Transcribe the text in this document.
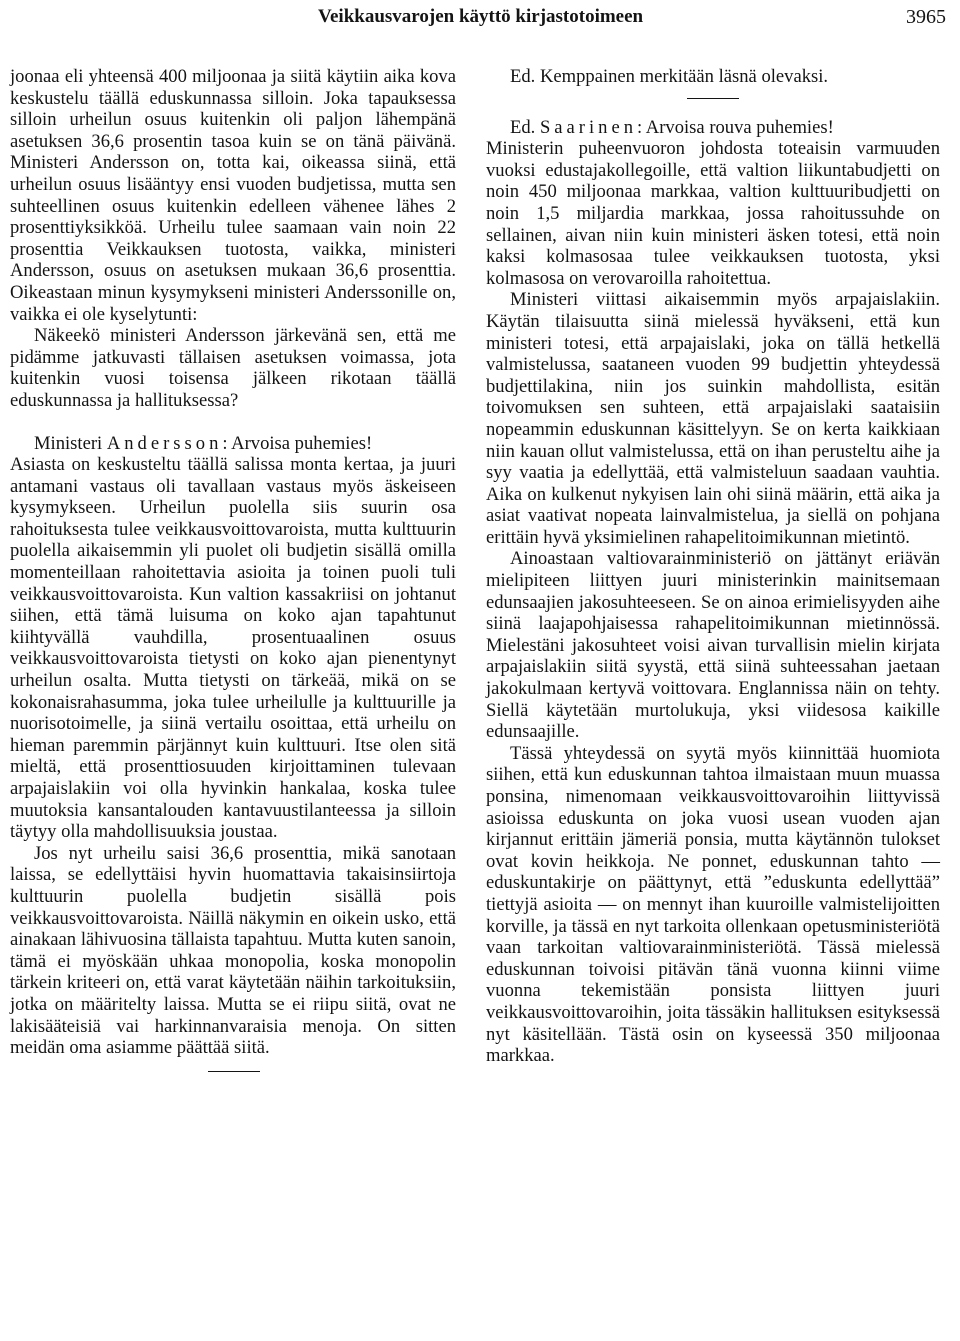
Veikkausvarojen käyttö kirjastotoimeen	3965

joonaa eli yhteensä 400 miljoonaa ja siitä käytiin aika kova keskustelu täällä eduskunnassa silloin. Joka tapauksessa silloin urheilun osuus kuitenkin oli paljon lähempänä asetuksen 36,6 prosentin tasoa kuin se on tänä päivänä. Ministeri Andersson on, totta kai, oikeassa siinä, että urheilun osuus lisääntyy ensi vuoden budjetissa, mutta sen suhteellinen osuus kuitenkin edelleen vähenee lähes 2 prosenttiyksikköä. Urheilu tulee saamaan vain noin 22 prosenttia Veikkauksen tuotosta, vaikka, ministeri Andersson, osuus on asetuksen mukaan 36,6 prosenttia. Oikeastaan minun kysymykseni ministeri Anderssonille on, vaikka ei ole kyselytunti:

Näkeekö ministeri Andersson järkevänä sen, että me pidämme jatkuvasti tällaisen asetuksen voimassa, jota kuitenkin vuosi toisensa jälkeen rikotaan täällä eduskunnassa ja hallituksessa?

Ministeri Andersson: Arvoisa puhemies!

Asiasta on keskusteltu täällä salissa monta kertaa, ja juuri antamani vastaus oli tavallaan vastaus myös äskeiseen kysymykseen. Urheilun puolella siis suurin osa rahoituksesta tulee veikkausvoittovaroista, mutta kulttuurin puolella aikaisemmin yli puolet oli budjetin sisällä omilla momenteillaan rahoitettavia asioita ja toinen puoli tuli veikkausvoittovaroista. Kun valtion kassakriisi on johtanut siihen, että tämä luisuma on koko ajan tapahtunut kiihtyvällä vauhdilla, prosentuaalinen osuus veikkausvoittovaroista tietysti on koko ajan pienentynyt urheilun osalta. Mutta tietysti on tärkeää, mikä on se kokonaisrahasumma, joka tulee urheilulle ja kulttuurille ja nuorisotoimelle, ja siinä vertailu osoittaa, että urheilu on hieman paremmin pärjännyt kuin kulttuuri. Itse olen sitä mieltä, että prosenttiosuuden kirjoittaminen tulevaan arpajaislakiin voi olla hyvinkin hankalaa, koska tulee muutoksia kansantalouden kantavuustilanteessa ja silloin täytyy olla mahdollisuuksia joustaa.

Jos nyt urheilu saisi 36,6 prosenttia, mikä sanotaan laissa, se edellyttäisi hyvin huomattavia takaisinsiirtoja kulttuurin puolella budjetin sisällä pois veikkausvoittovaroista. Näillä näkymin en oikein usko, että ainakaan lähivuosina tällaista tapahtuu. Mutta kuten sanoin, tämä ei myöskään uhkaa monopolia, koska monopolin tärkein kriteeri on, että varat käytetään näihin tarkoituksiin, jotka on määritelty laissa. Mutta se ei riipu siitä, ovat ne lakisääteisiä vai harkinnanvaraisia menoja. On sitten meidän oma asiamme päättää siitä.

Ed. Kemppainen merkitään läsnä olevaksi.

Ed. Saarinen: Arvoisa rouva puhemies!

Ministerin puheenvuoron johdosta toteaisin varmuuden vuoksi edustajakollegoille, että valtion liikuntabudjetti on noin 450 miljoonaa markkaa, valtion kulttuuribudjetti on noin 1,5 miljardia markkaa, jossa rahoitussuhde on sellainen, aivan niin kuin ministeri äsken totesi, että noin kaksi kolmasosaa tulee veikkauksen tuotosta, yksi kolmasosa on verovaroilla rahoitettua.

Ministeri viittasi aikaisemmin myös arpajaislakiin. Käytän tilaisuutta siinä mielessä hyväkseni, että kun ministeri totesi, että arpajaislaki, joka on tällä hetkellä valmistelussa, saataneen vuoden 99 budjettin yhteydessä budjettilakina, niin jos suinkin mahdollista, esitän toivomuksen sen suhteen, että arpajaislaki saataisiin nopeammin eduskunnan käsittelyyn. Se on kerta kaikkiaan niin kauan ollut valmistelussa, että on ihan perusteltu aihe ja syy vaatia ja edellyttää, että valmisteluun saadaan vauhtia. Aika on kulkenut nykyisen lain ohi siinä määrin, että aika ja asiat vaativat nopeata lainvalmistelua, ja siellä on pohjana erittäin hyvä yksimielinen rahapelitoimikunnan mietintö.

Ainoastaan valtiovarainministeriö on jättänyt eriävän mielipiteen liittyen juuri ministerinkin mainitsemaan edunsaajien jakosuhteeseen. Se on ainoa erimielisyyden aihe siinä laajapohjaisessa rahapelitoimikunnan mietinnössä. Mielestäni jakosuhteet voisi aivan turvallisin mielin kirjata arpajaislakiin siitä syystä, että siinä suhteessahan jaetaan jakokulmaan kertyvä voittovara. Englannissa näin on tehty. Siellä käytetään murtolukuja, yksi viidesosa kaikille edunsaajille.

Tässä yhteydessä on syytä myös kiinnittää huomiota siihen, että kun eduskunnan tahtoa ilmaistaan muun muassa ponsina, nimenomaan veikkausvoittovaroihin liittyvissä asioissa eduskunta on joka vuosi usean vuoden ajan kirjannut erittäin jämeriä ponsia, mutta käytännön tulokset ovat kovin heikkoja. Ne ponnet, eduskunnan tahto — eduskuntakirje on päättynyt, että ”eduskunta edellyttää” tiettyjä asioita — on mennyt ihan kuuroille valmistelijoitten korville, ja tässä en nyt tarkoita ollenkaan opetusministeriötä vaan tarkoitan valtiovarainministeriötä. Tässä mielessä eduskunnan toivoisi pitävän tänä vuonna kiinni viime vuonna tekemistään ponsista liittyen juuri veikkausvoittovaroihin, joita tässäkin hallituksen esityksessä nyt käsitellään. Tästä osin on kyseessä 350 miljoonaa markkaa.
